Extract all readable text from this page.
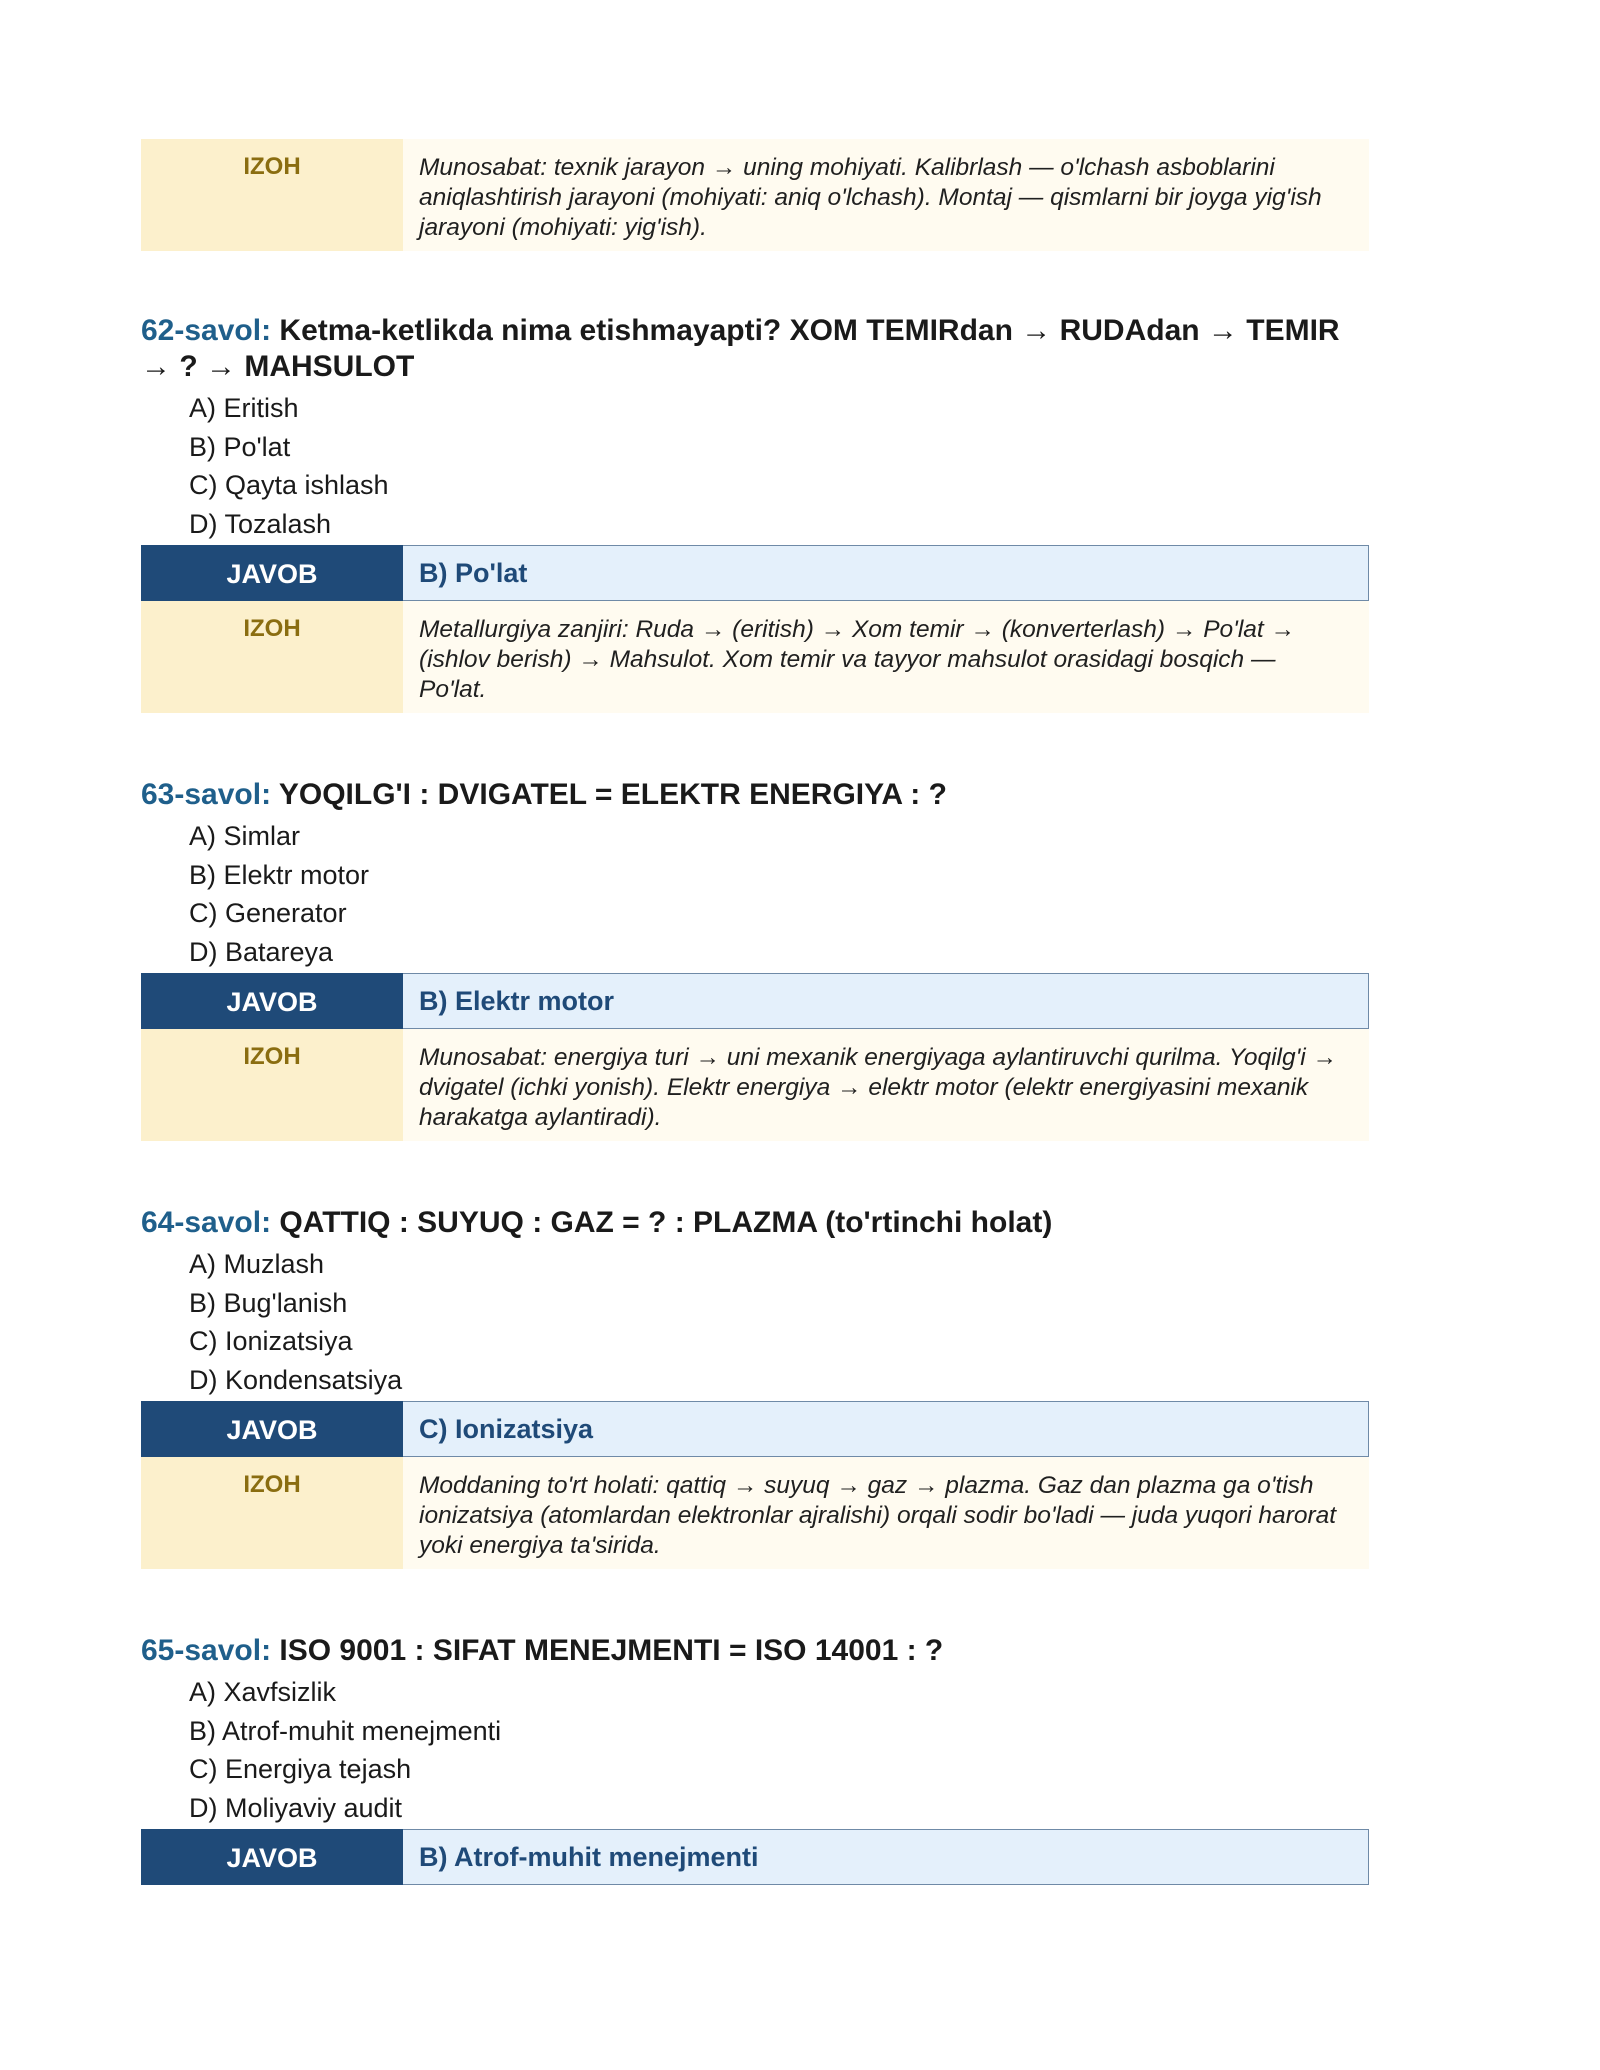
IZOH	Munosabat: texnik jarayon → uning mohiyati. Kalibrlash — o'lchash asboblarini aniqlashtirish jarayoni (mohiyati: aniq o'lchash). Montaj — qismlarni bir joyga yig'ish jarayoni (mohiyati: yig'ish).

62-savol: Ketma-ketlikda nima etishmayapti? XOM TEMIRdan → RUDAdan → TEMIR → ? → MAHSULOT

A) Eritish
B) Po'lat
C) Qayta ishlash
D) Tozalash
JAVOB	B) Po'lat
IZOH	Metallurgiya zanjiri: Ruda → (eritish) → Xom temir → (konverterlash) → Po'lat → (ishlov berish) → Mahsulot. Xom temir va tayyor mahsulot orasidagi bosqich — Po'lat.

63-savol: YOQILG'I : DVIGATEL = ELEKTR ENERGIYA : ?

A) Simlar
B) Elektr motor
C) Generator
D) Batareya
JAVOB	B) Elektr motor
IZOH	Munosabat: energiya turi → uni mexanik energiyaga aylantiruvchi qurilma. Yoqilg'i → dvigatel (ichki yonish). Elektr energiya → elektr motor (elektr energiyasini mexanik harakatga aylantiradi).

64-savol: QATTIQ : SUYUQ : GAZ = ? : PLAZMA (to'rtinchi holat)

A) Muzlash
B) Bug'lanish
C) Ionizatsiya
D) Kondensatsiya
JAVOB	C) Ionizatsiya
IZOH	Moddaning to'rt holati: qattiq → suyuq → gaz → plazma. Gaz dan plazma ga o'tish ionizatsiya (atomlardan elektronlar ajralishi) orqali sodir bo'ladi — juda yuqori harorat yoki energiya ta'sirida.

65-savol: ISO 9001 : SIFAT MENEJMENTI = ISO 14001 : ?

A) Xavfsizlik
B) Atrof-muhit menejmenti
C) Energiya tejash
D) Moliyaviy audit
JAVOB	B) Atrof-muhit menejmenti
